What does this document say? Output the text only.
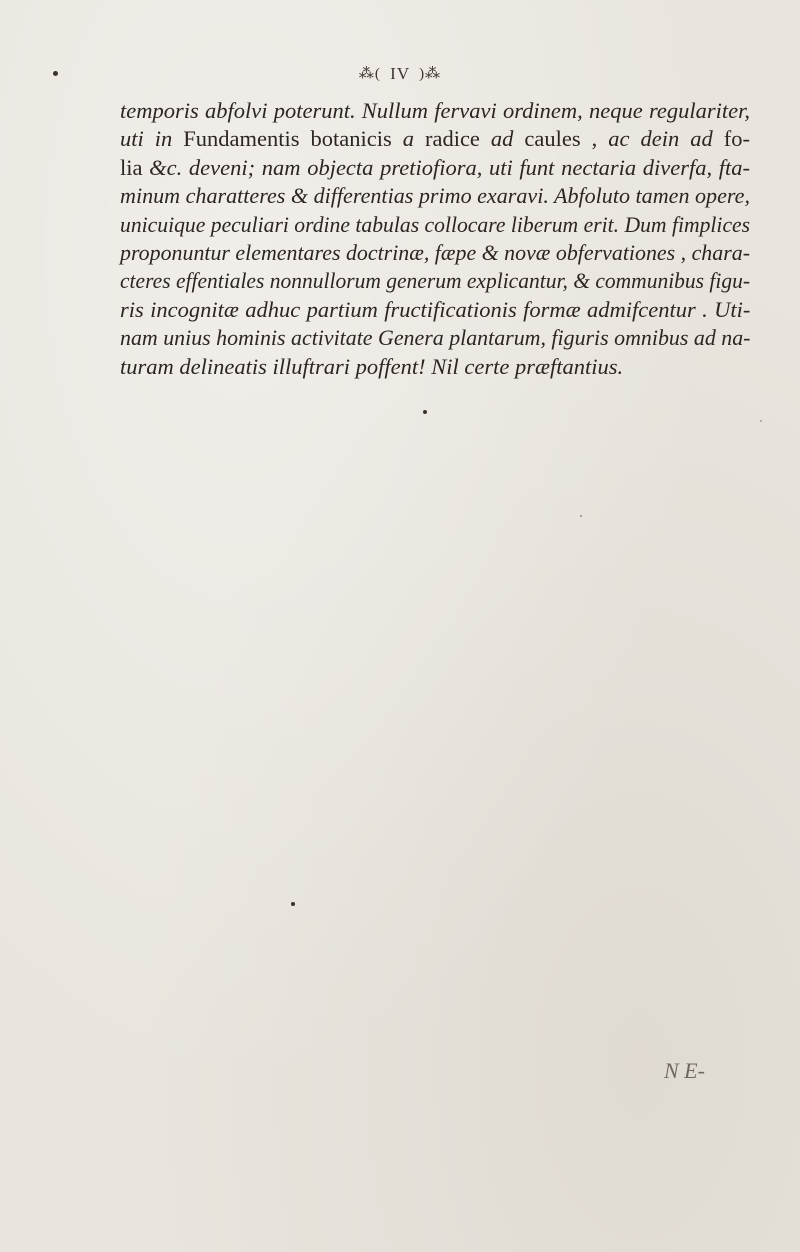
⁂( IV )⁂
temporis abfolvi poterunt. Nullum fervavi ordinem, neque regulariter,
uti in Fundamentis botanicis a radice ad caules , ac dein ad fo-
lia &c. deveni; nam objecta pretiofiora, uti funt nectaria diverfa, fta-
minum charatteres & differentias primo exaravi. Abfoluto tamen opere,
unicuique peculiari ordine tabulas collocare liberum erit. Dum fimplices
proponuntur elementares doctrinæ, fæpe & novæ obfervationes , chara-
cteres effentiales nonnullorum generum explicantur, & communibus figu-
ris incognitæ adhuc partium fructificationis formæ admifcentur . Uti-
nam unius hominis activitate Genera plantarum, figuris omnibus ad na-
turam delineatis illuftrari poffent! Nil certe præftantius.
N E-
